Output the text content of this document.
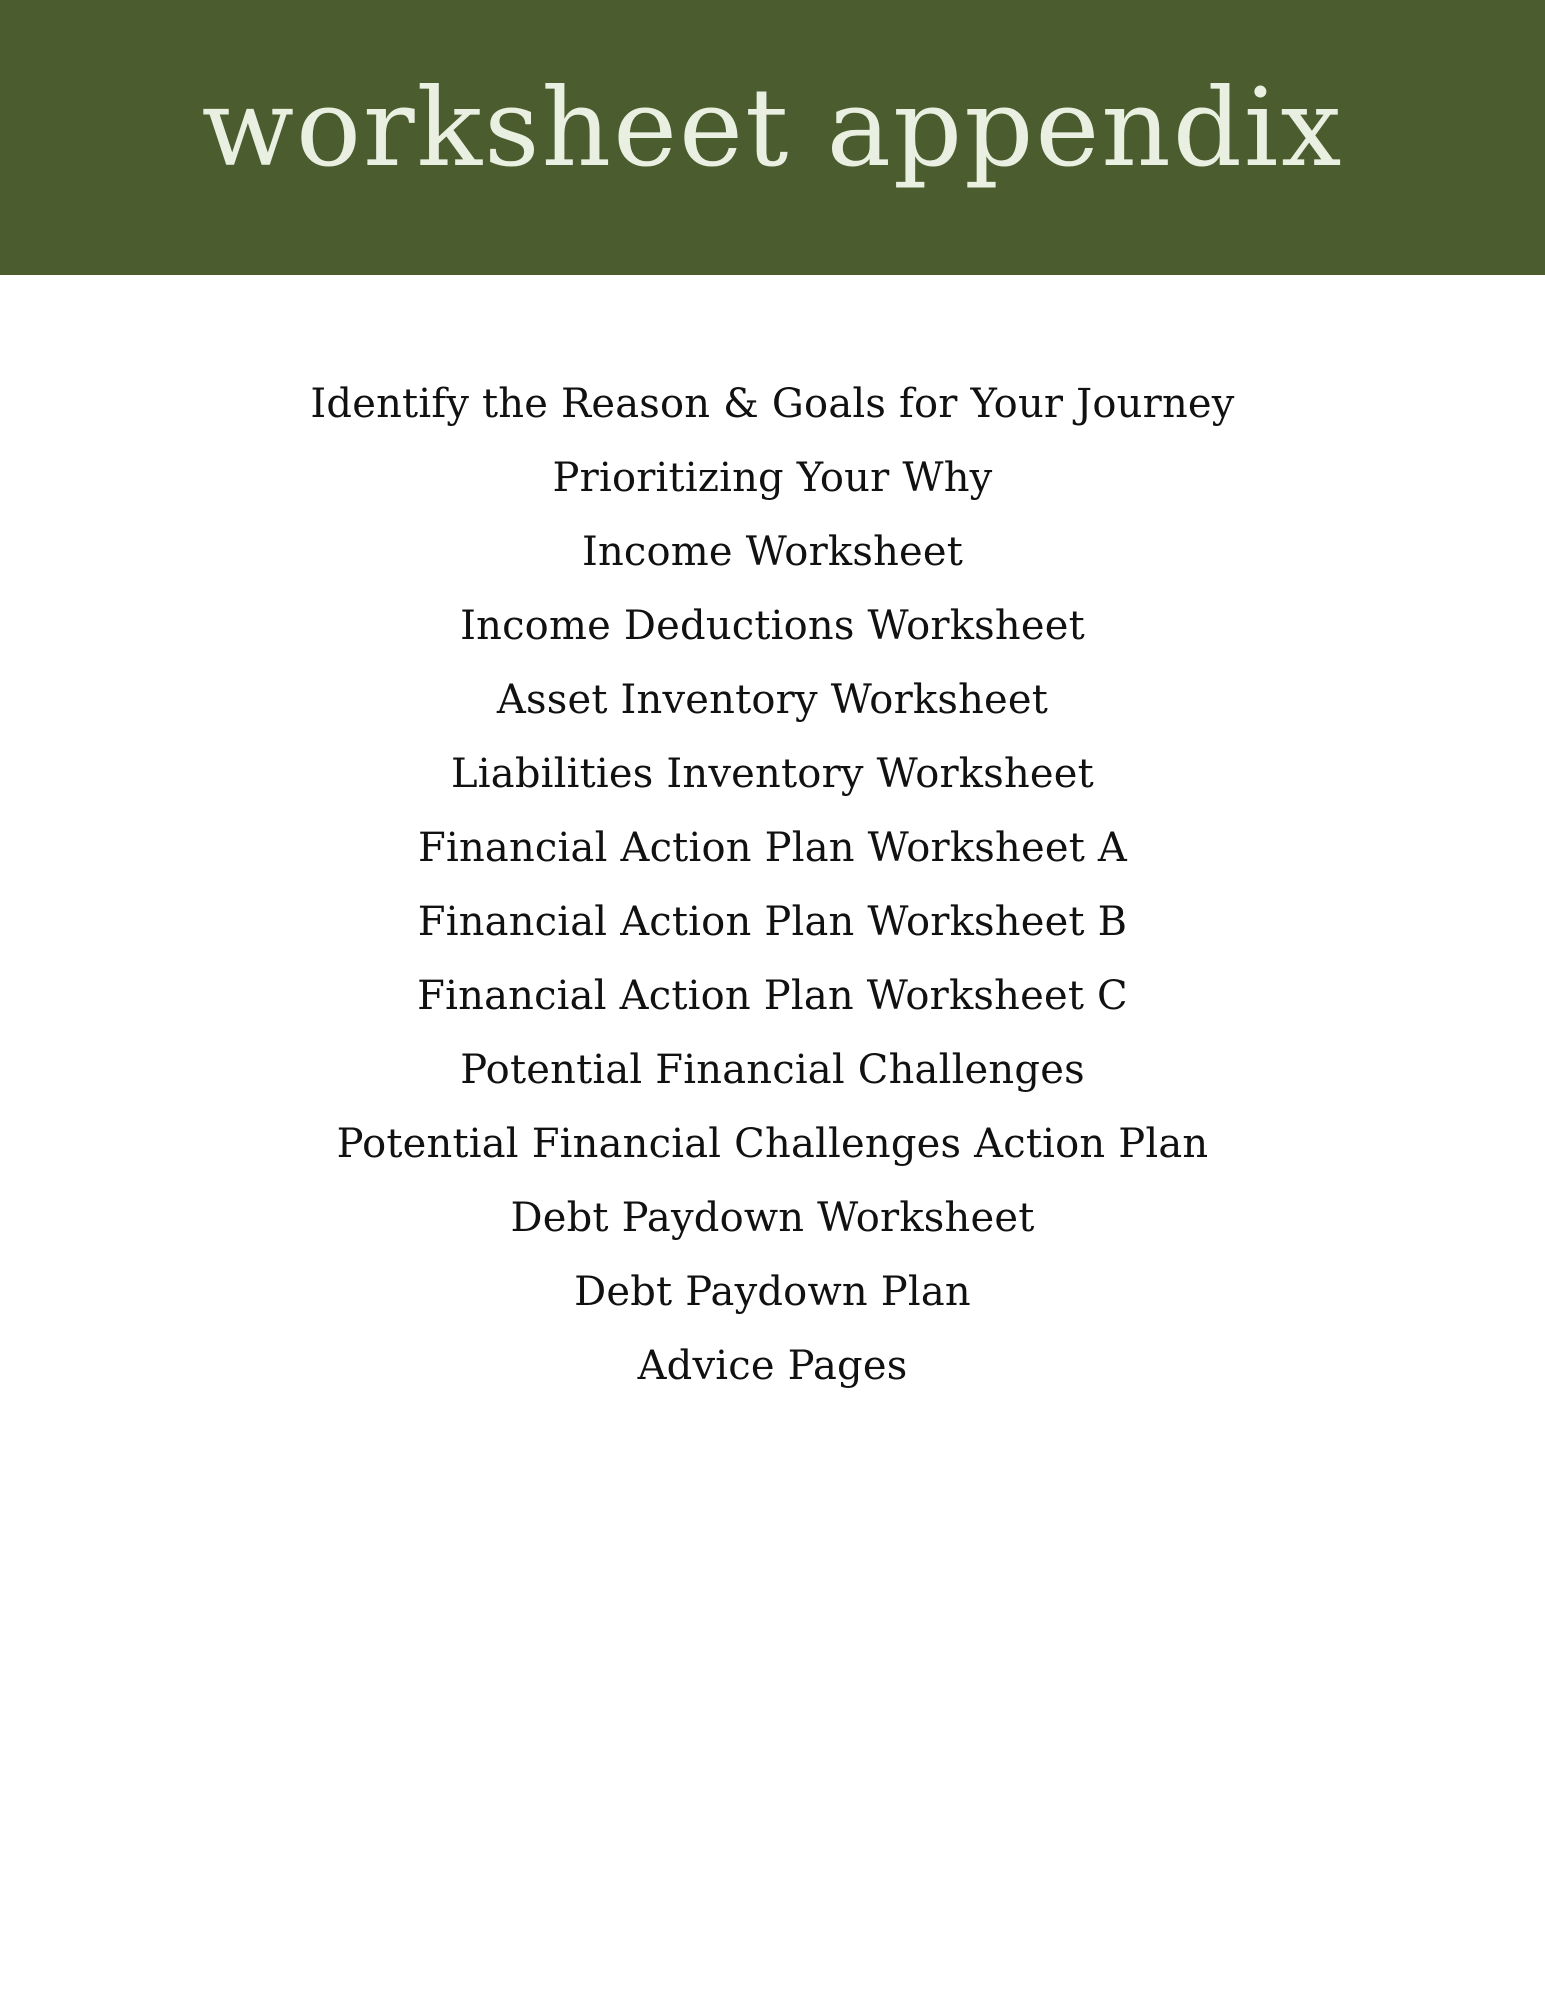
worksheet appendix
Identify the Reason & Goals for Your Journey
Prioritizing Your Why
Income Worksheet
Income Deductions Worksheet
Asset Inventory Worksheet
Liabilities Inventory Worksheet
Financial Action Plan Worksheet A
Financial Action Plan Worksheet B
Financial Action Plan Worksheet C
Potential Financial Challenges
Potential Financial Challenges Action Plan
Debt Paydown Worksheet
Debt Paydown Plan
Advice Pages
